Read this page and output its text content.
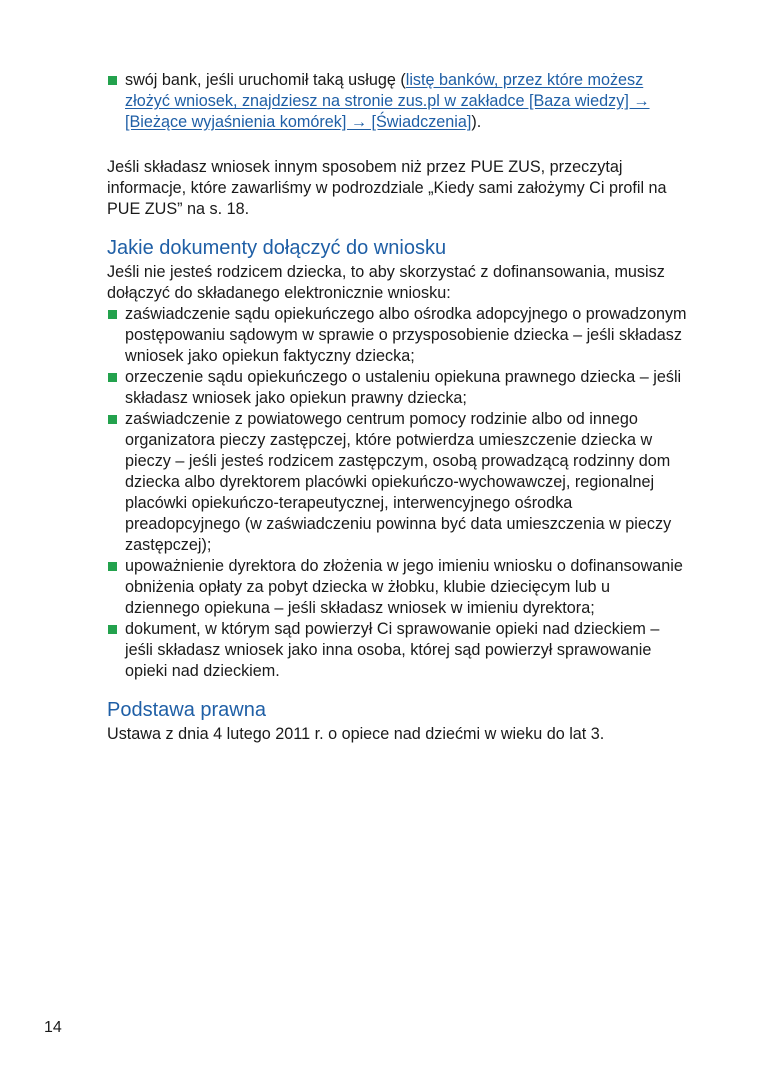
swój bank, jeśli uruchomił taką usługę (listę banków, przez które możesz złożyć wniosek, znajdziesz na stronie zus.pl w zakładce [Baza wiedzy] → [Bieżące wyjaśnienia komórek] → [Świadczenia]).

Jeśli składasz wniosek innym sposobem niż przez PUE ZUS, przeczytaj informacje, które zawarliśmy w podrozdziale „Kiedy sami założymy Ci profil na PUE ZUS” na s. 18.

Jakie dokumenty dołączyć do wniosku

Jeśli nie jesteś rodzicem dziecka, to aby skorzystać z dofinansowania, musisz dołączyć do składanego elektronicznie wniosku:

zaświadczenie sądu opiekuńczego albo ośrodka adopcyjnego o prowadzonym postępowaniu sądowym w sprawie o przysposobienie dziecka – jeśli składasz wniosek jako opiekun faktyczny dziecka;
orzeczenie sądu opiekuńczego o ustaleniu opiekuna prawnego dziecka – jeśli składasz wniosek jako opiekun prawny dziecka;
zaświadczenie z powiatowego centrum pomocy rodzinie albo od innego organizatora pieczy zastępczej, które potwierdza umieszczenie dziecka w pieczy – jeśli jesteś rodzicem zastępczym, osobą prowadzącą rodzinny dom dziecka albo dyrektorem placówki opiekuńczo-wychowawczej, regionalnej placówki opiekuńczo-terapeutycznej, interwencyjnego ośrodka preadopcyjnego (w zaświadczeniu powinna być data umieszczenia w pieczy zastępczej);
upoważnienie dyrektora do złożenia w jego imieniu wniosku o dofinansowanie obniżenia opłaty za pobyt dziecka w żłobku, klubie dziecięcym lub u dziennego opiekuna – jeśli składasz wniosek w imieniu dyrektora;
dokument, w którym sąd powierzył Ci sprawowanie opieki nad dzieckiem – jeśli składasz wniosek jako inna osoba, której sąd powierzył sprawowanie opieki nad dzieckiem.
Podstawa prawna

Ustawa z dnia 4 lutego 2011 r. o opiece nad dziećmi w wieku do lat 3.

14
